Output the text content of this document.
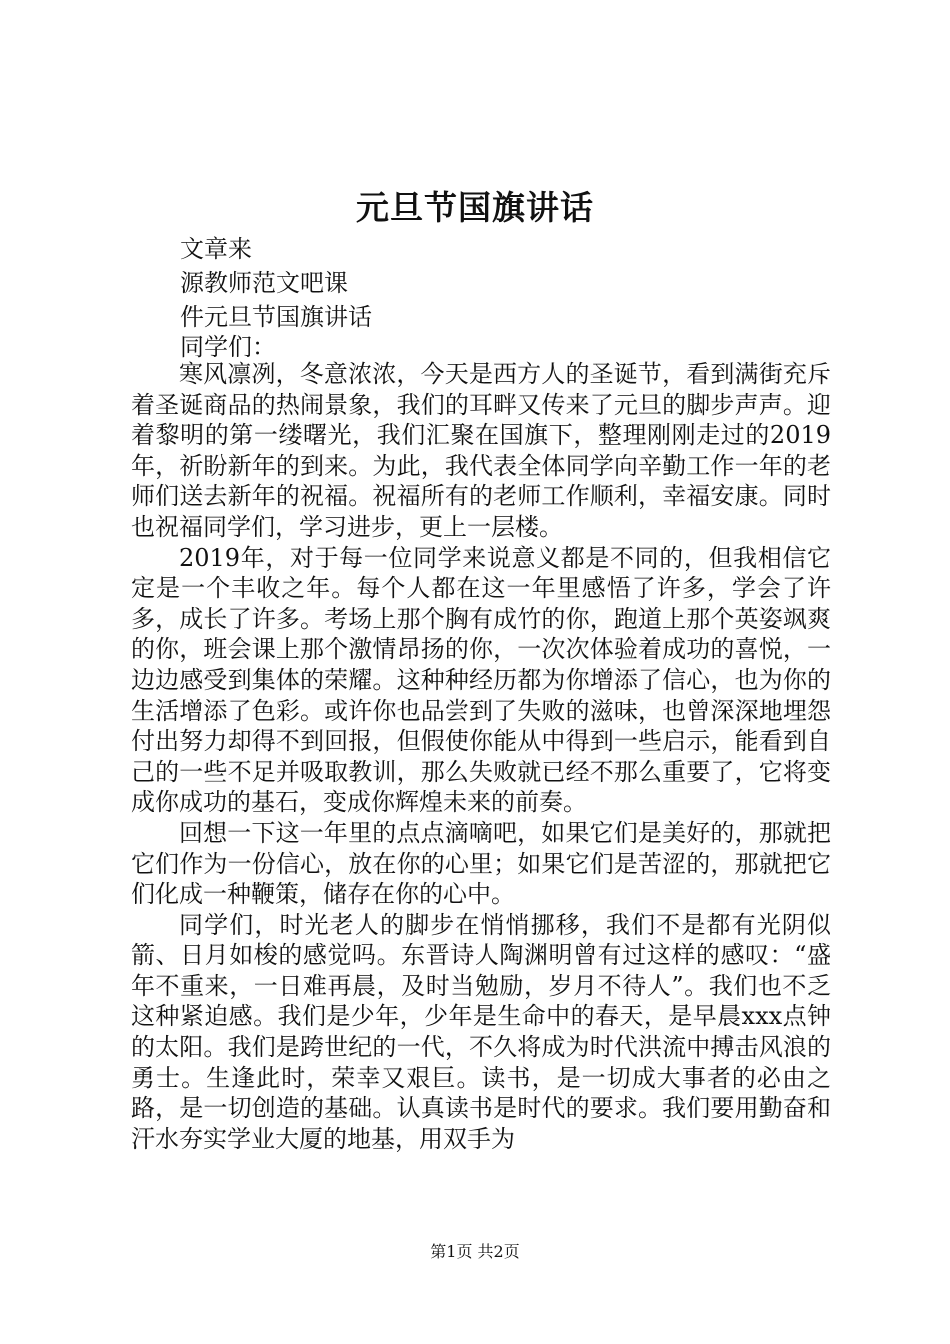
元旦节国旗讲话

文章来

源教师范文吧课

件元旦节国旗讲话

同学们：

寒风凛冽，冬意浓浓，今天是西方人的圣诞节，看到满街充斥着圣诞商品的热闹景象，我们的耳畔又传来了元旦的脚步声声。迎着黎明的第一缕曙光，我们汇聚在国旗下，整理刚刚走过的2019年，祈盼新年的到来。为此，我代表全体同学向辛勤工作一年的老师们送去新年的祝福。祝福所有的老师工作顺利，幸福安康。同时也祝福同学们，学习进步，更上一层楼。

2019年，对于每一位同学来说意义都是不同的，但我相信它定是一个丰收之年。每个人都在这一年里感悟了许多，学会了许多，成长了许多。考场上那个胸有成竹的你，跑道上那个英姿飒爽的你，班会课上那个激情昂扬的你，一次次体验着成功的喜悦，一边边感受到集体的荣耀。这种种经历都为你增添了信心，也为你的生活增添了色彩。或许你也品尝到了失败的滋味，也曾深深地埋怨付出努力却得不到回报，但假使你能从中得到一些启示，能看到自己的一些不足并吸取教训，那么失败就已经不那么重要了，它将变成你成功的基石，变成你辉煌未来的前奏。

回想一下这一年里的点点滴嘀吧，如果它们是美好的，那就把它们作为一份信心，放在你的心里；如果它们是苦涩的，那就把它们化成一种鞭策，储存在你的心中。

同学们，时光老人的脚步在悄悄挪移，我们不是都有光阴似箭、日月如梭的感觉吗。东晋诗人陶渊明曾有过这样的感叹：“盛年不重来，一日难再晨，及时当勉励，岁月不待人”。我们也不乏这种紧迫感。我们是少年，少年是生命中的春天，是早晨xxx点钟的太阳。我们是跨世纪的一代，不久将成为时代洪流中搏击风浪的勇士。生逢此时，荣幸又艰巨。读书，是一切成大事者的必由之路，是一切创造的基础。认真读书是时代的要求。我们要用勤奋和汗水夯实学业大厦的地基，用双手为

第1页 共2页
